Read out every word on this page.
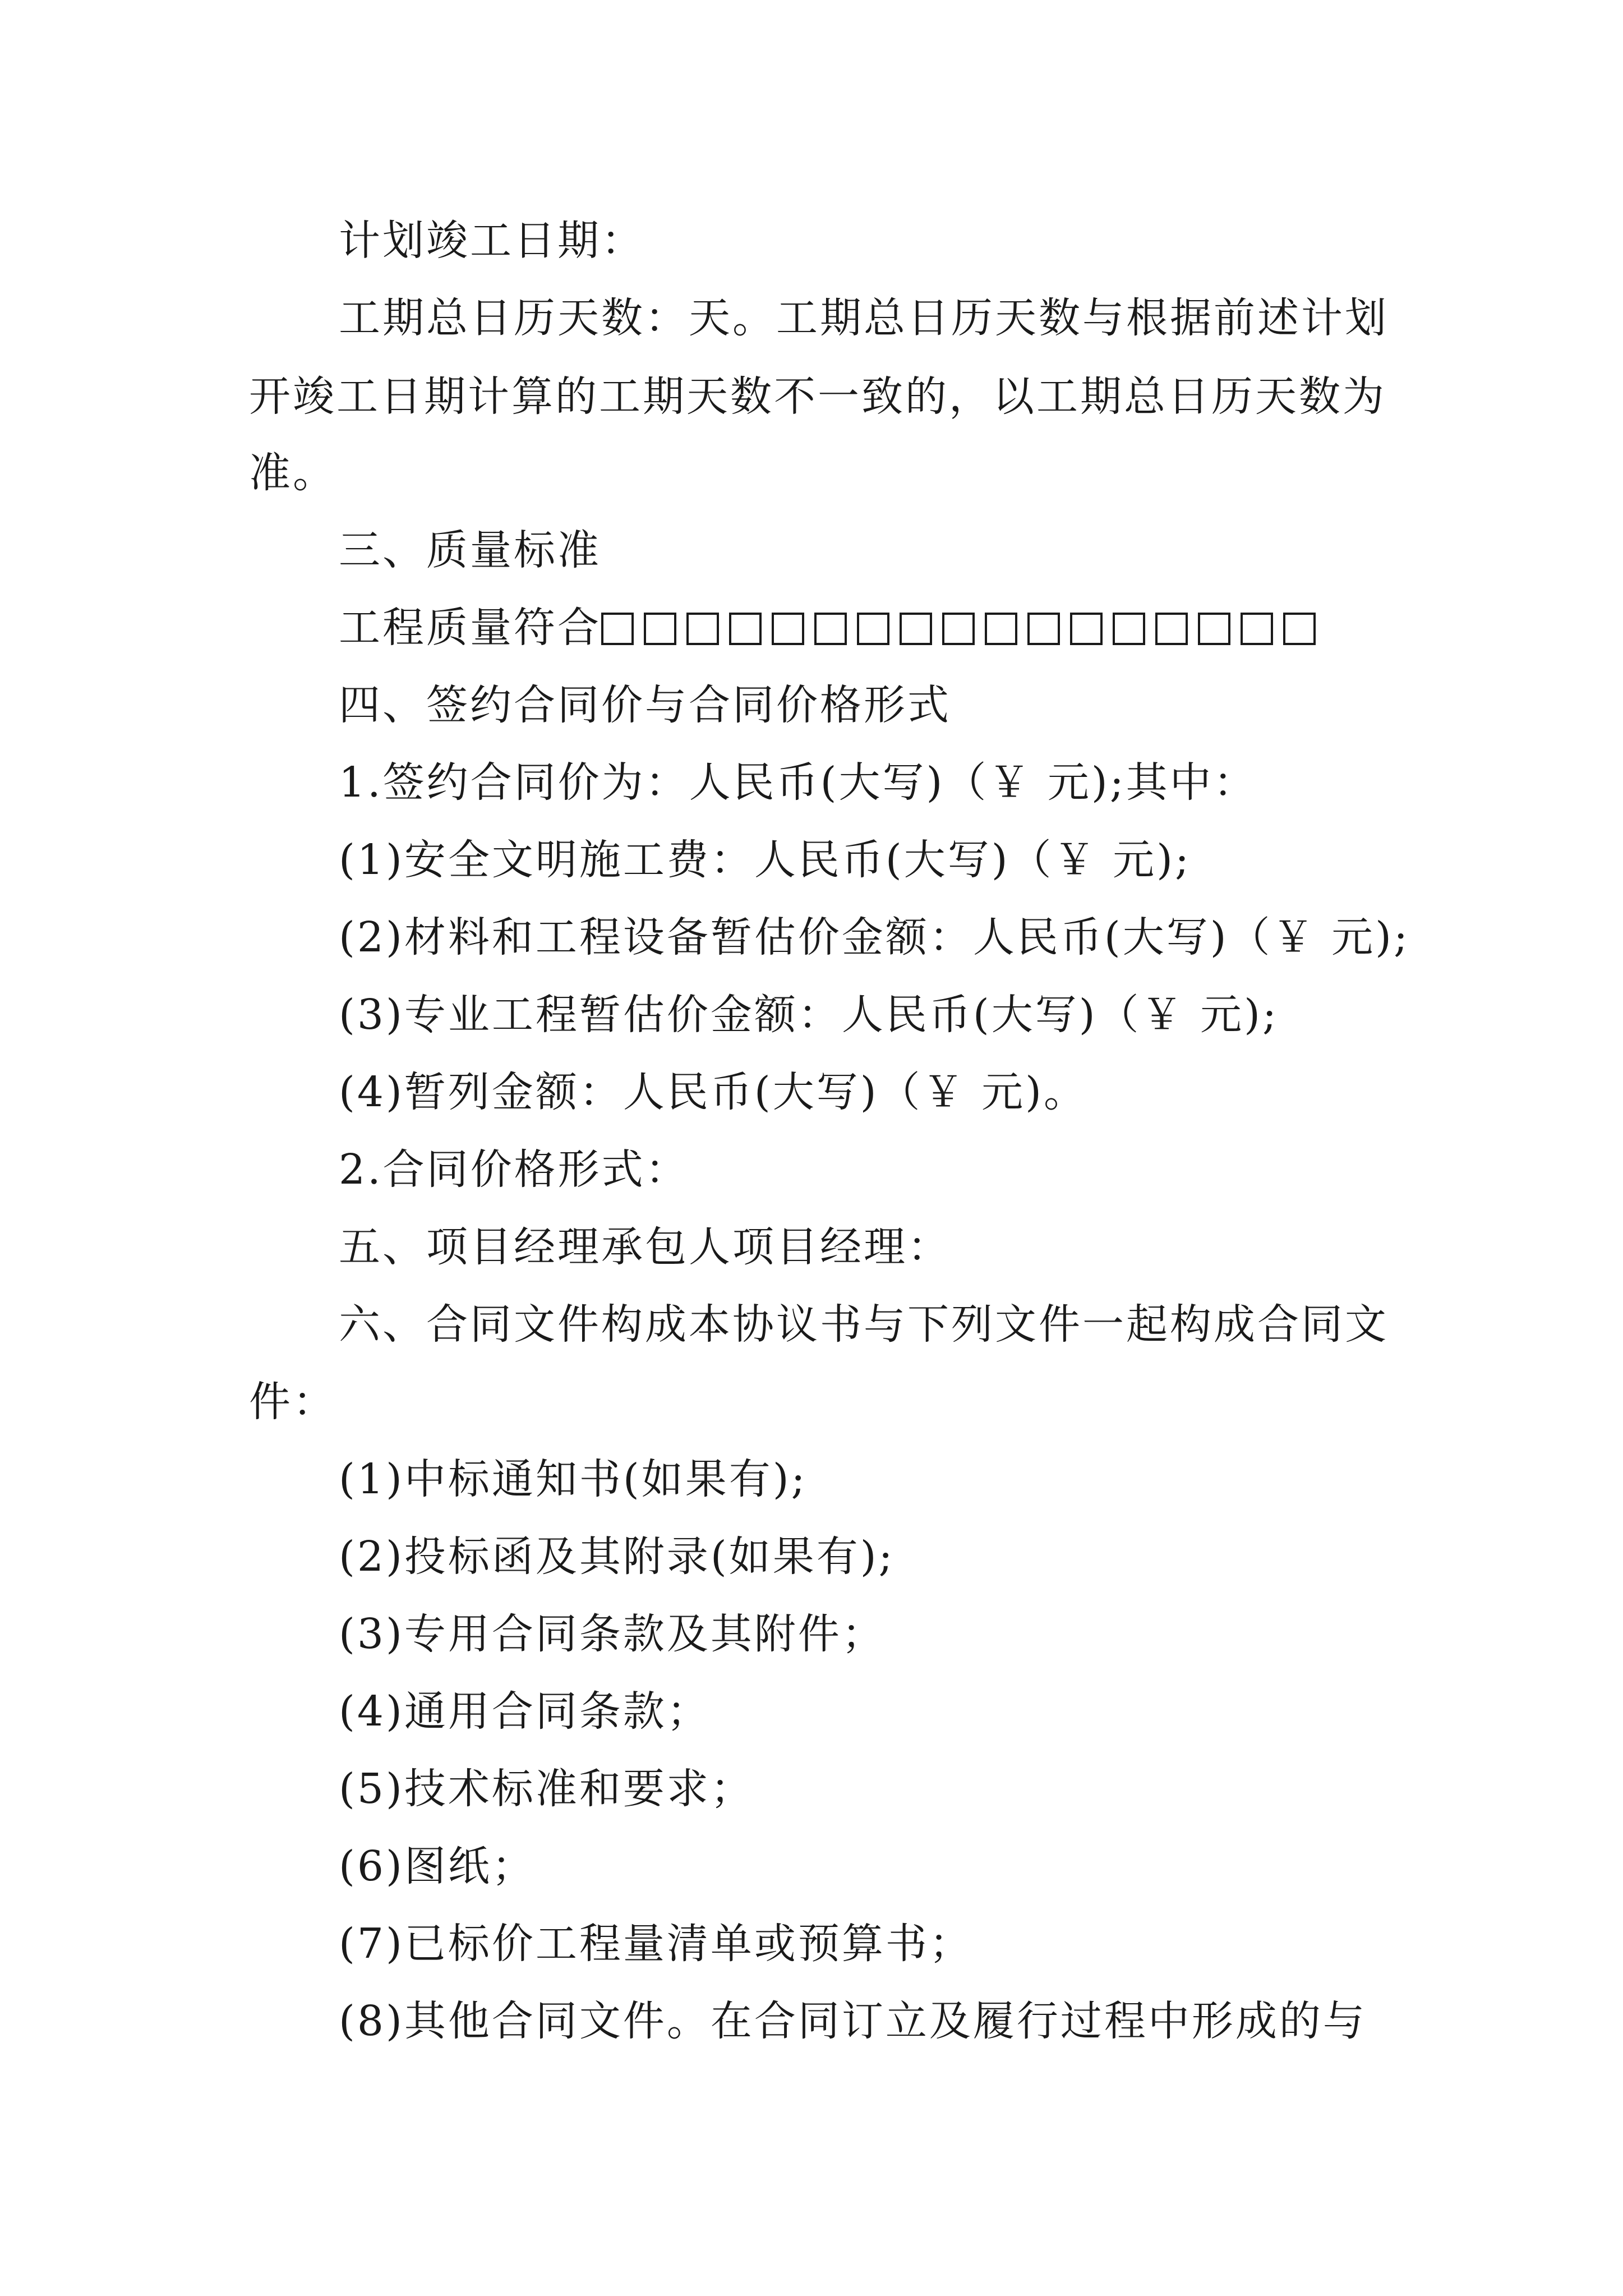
计划竣工日期：
工期总日历天数：天。工期总日历天数与根据前述计划
开竣工日期计算的工期天数不一致的，以工期总日历天数为
准。
三、质量标准
工程质量符合
四、签约合同价与合同价格形式
1.签约合同价为：人民币(大写)（￥ 元);其中：
(1)安全文明施工费：人民币(大写)（￥ 元);
(2)材料和工程设备暂估价金额：人民币(大写)（￥ 元);
(3)专业工程暂估价金额：人民币(大写)（￥ 元);
(4)暂列金额：人民币(大写)（￥ 元)。
2.合同价格形式：
五、项目经理承包人项目经理：
六、合同文件构成本协议书与下列文件一起构成合同文
件：
(1)中标通知书(如果有);
(2)投标函及其附录(如果有);
(3)专用合同条款及其附件；
(4)通用合同条款；
(5)技术标准和要求；
(6)图纸；
(7)已标价工程量清单或预算书；
(8)其他合同文件。在合同订立及履行过程中形成的与
